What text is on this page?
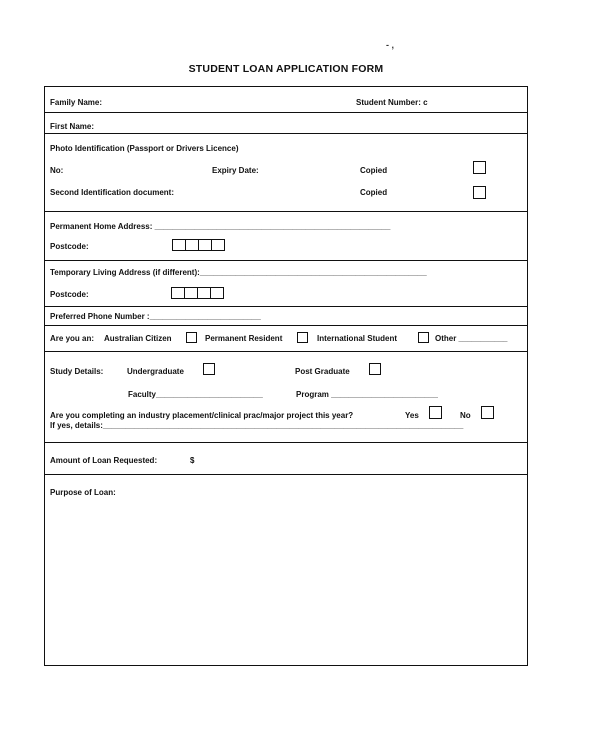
- ,
STUDENT LOAN APPLICATION FORM
Family Name:	Student Number: c
First Name:
Photo Identification (Passport or Drivers Licence)
No:	Expiry Date:	Copied
Second Identification document:	Copied
Permanent Home Address: _____________________________________________________
Postcode:
Temporary Living Address (if different):___________________________________________________
Postcode:
Preferred Phone Number :_________________________
Are you an: Australian Citizen	Permanent Resident	International Student	Other ___________
Study Details:	Undergraduate	Post Graduate
Faculty________________________	Program ________________________
Are you completing an industry placement/clinical prac/major project this year?	Yes	No
If yes, details:_________________________________________________________________________________
Amount of Loan Requested:	$
Purpose of Loan:
